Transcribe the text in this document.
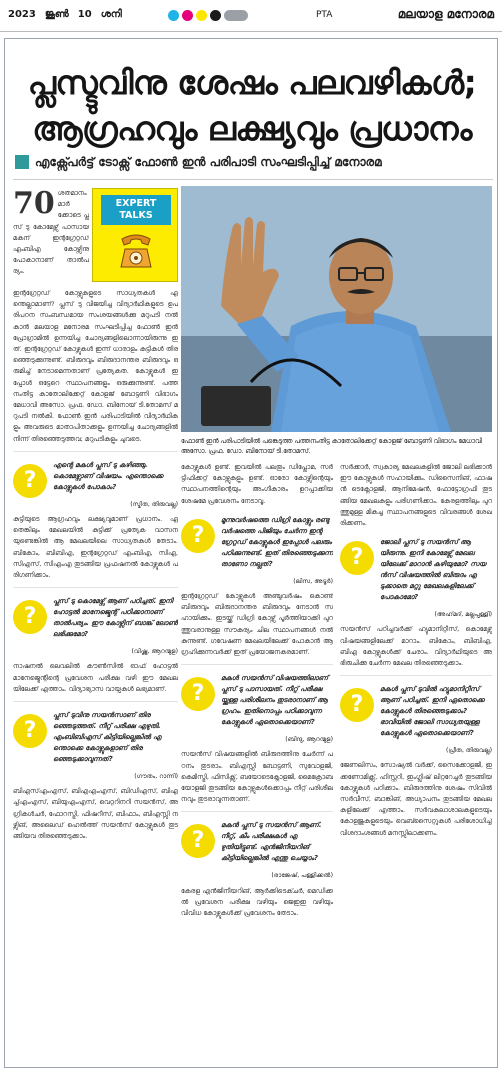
2023 ജൂൺ 10 ശനി	PTA	മലയാള മനോരമ
പ്ലസ്ടുവിനു ശേഷം പലവഴികൾ;
ആഗ്രഹവും ലക്ഷ്യവും പ്രധാനം
എക്സ്പേർട്ട് ടോക്സ് ഫോൺ ഇൻ പരിപാടി സംഘടിപ്പിച്ച് മനോരമ
EXPERT
TALKS
70 ശതമാനം മാർക്കോടെ പ്ലസ് ടു കോമേഴ്സ് പാസായ മകന് ഇന്റഗ്രേറ്റഡ് എംബിഎ കോഴ്സിനു പോകാനാണ് താൽപര്യം.

ഇന്റഗ്രേറ്റഡ് കോഴ്സുകളുടെ സാധ്യതകൾ എന്തെല്ലാമാണ്? പ്ലസ് ടു വിജയിച്ച വിദ്യാർഥികളുടെ ഉപരിപഠന സംബന്ധമായ സംശയങ്ങൾക്കു മറുപടി നൽകാൻ മലയാള മനോരമ സംഘടിപ്പിച്ച ഫോൺ ഇൻ പ്രോഗ്രാമിൽ ഉന്നയിച്ച ചോദ്യങ്ങളിലൊന്നായിരുന്നു ഇത്. ഇന്റഗ്രേറ്റഡ് കോഴ്സുകൾ ഇന്ന് ധാരാളം കുട്ടികൾ തിരഞ്ഞെടുക്കുന്നുണ്ട്. ബിരുദവും ബിരുദാനന്തര ബിരുദവും ഒരുമിച്ച് നേടാമെന്നതാണ് പ്രത്യേകത. കോഴ്സുകൾ ഇപ്പോൾ ഒട്ടേറെ സ്ഥാപനങ്ങളും ഒരുക്കുന്നുണ്ട്. പത്തനംതിട്ട കാതോലിക്കേറ്റ് കോളജ് ബോട്ടണി വിഭാഗം മേധാവി അസോ. പ്രഫ. ഡോ. ബിനോയ് ടി.തോമസ് മറുപടി നൽകി. ഫോൺ ഇൻ പരിപാടിയിൽ വിദ്യാർഥികളും അവരുടെ മാതാപിതാക്കളും ഉന്നയിച്ച ചോദ്യങ്ങളിൽ നിന്ന് തിരഞ്ഞെടുത്തവ; മറുപടികളും ചുവടെ.

?
എന്റെ മകൾ പ്ലസ് ടു കഴിഞ്ഞു. കൊമേഴ്സാണ് വിഷയം. എന്തൊക്കെ കോഴ്സുകൾ പോകാം?
(സ്മിത, തിരുവല്ല)

കുട്ടിയുടെ ആഗ്രഹവും ലക്ഷ്യവുമാണ് പ്രധാനം. ഏതെങ്കിലും മേഖലയിൽ കുട്ടിക്ക് പ്രത്യേക വാസനയുണ്ടെങ്കിൽ ആ മേഖലയിലെ സാധ്യതകൾ തേടാം. ബികോം, ബിബിഎ, ഇന്റഗ്രേറ്റഡ് എംബിഎ, സിഎ, സിഎസ്, സിഎംഎ തുടങ്ങിയ പ്രഫഷനൽ കോഴ്സുകൾ പരിഗണിക്കാം.

?
പ്ലസ് ടു കൊമേഴ്സ് ആണ് പഠിച്ചത്. ഇനി ഹോട്ടൽ മാനേജ്മെന്റ് പഠിക്കാനാണ് താൽപര്യം. ഈ കോഴ്സിന് ബാങ്ക് ലോൺ ലഭിക്കുമോ?
(വിഷ്ണു, ആറന്മുള)

നാഷനൽ ലെവലിൽ കൗൺസിൽ ഓഫ് ഹോട്ടൽ മാനേജ്മെന്റിന്റെ പ്രവേശന പരീക്ഷ വഴി ഈ മേഖലയിലേക്ക് എത്താം. വിദ്യാഭ്യാസ വായ്പകൾ ലഭ്യമാണ്.

?
പ്ലസ് ടുവിനു സയൻസാണ് തിരഞ്ഞെടുത്തത്. നീറ്റ് പരീക്ഷ എഴുതി. എംബിബിഎസ് കിട്ടിയില്ലെങ്കിൽ എന്തൊക്കെ കോഴ്സുകളാണ് തിരഞ്ഞെടുക്കാവുന്നത്?
(ഗൗതം, റാന്നി)

ബിഎസ്എംഎസ്, ബിഎഎംഎസ്, ബിഡിഎസ്, ബിഎച്ച്എംഎസ്, ബിയുഎംഎസ്, വെറ്ററിനറി സയൻസ്, അഗ്രികൾചർ, ഫോറസ്ട്രി, ഫിഷറീസ്, ബിഫാം, ബിഎസ്സി നഴ്സിങ്, അലൈഡ് ഹെൽത്ത് സയൻസ് കോഴ്സുകൾ തുടങ്ങിയവ തിരഞ്ഞെടുക്കാം.

ഫോൺ ഇൻ പരിപാടിയിൽ പങ്കെടുത്ത പത്തനംതിട്ട കാതോലിക്കേറ്റ് കോളജ് ബോട്ടണി വിഭാഗം മേധാവി അസോ. പ്രഫ. ഡോ. ബിനോയ് ടി.തോമസ്.

കോഴ്സുകൾ ഉണ്ട്. ഇവയിൽ പലതും ഡിപ്ലോമ, സർട്ടിഫിക്കറ്റ് കോഴ്സുകളും ഉണ്ട്. ഓരോ കോഴ്സിന്റെയും സ്ഥാപനത്തിന്റെയും അംഗീകാരം ഉറപ്പാക്കിയ ശേഷമേ പ്രവേശനം നേടാവൂ.

?
മൂന്നുവർഷത്തെ ഡിഗ്രി കോഴ്സും രണ്ടു വർഷത്തെ പിജിയും ചേർന്ന ഇന്റഗ്രേറ്റഡ് കോഴ്സുകൾ ഇപ്പോൾ പലരും പഠിക്കുന്നുണ്ട്. ഇത് തിരഞ്ഞെടുക്കുന്നതാണോ നല്ലത്?
(ലിസ, അടൂർ)

ഇന്റഗ്രേറ്റഡ് കോഴ്സുകൾ അഞ്ചുവർഷം കൊണ്ട് ബിരുദവും ബിരുദാനന്തര ബിരുദവും നേടാൻ സഹായിക്കും. ഇടയ്ക്ക് ഡിഗ്രി കോഴ്സ് പൂർത്തിയാക്കി പുറത്തുവരാനുള്ള സൗകര്യം ചില സ്ഥാപനങ്ങൾ നൽകുന്നുണ്ട്. ഗവേഷണ മേഖലയിലേക്ക് പോകാൻ ആഗ്രഹിക്കുന്നവർക്ക് ഇത് പ്രയോജനകരമാണ്.

?
മകൾ സയൻസ് വിഷയത്തിലാണ് പ്ലസ് ടു പാസായത്. നീറ്റ് പരീക്ഷയ്ക്കുള്ള പരിശീലനം തുടരാനാണ് ആഗ്രഹം. ഇതിനൊപ്പം പഠിക്കാവുന്ന കോഴ്സുകൾ ഏതൊക്കെയാണ്?
(ബിന്ദു, ആറന്മുള)

സയൻസ് വിഷയങ്ങളിൽ ബിരുദത്തിനു ചേർന്ന് പഠനം തുടരാം. ബിഎസ്സി ബോട്ടണി, സുവോളജി, കെമിസ്ട്രി, ഫിസിക്സ്, ബയോടെക്നോളജി, മൈക്രോബയോളജി തുടങ്ങിയ കോഴ്സുകൾക്കൊപ്പം നീറ്റ് പരിശീലനവും തുടരാവുന്നതാണ്.

?
മകൻ പ്ലസ് ടു സയൻസ് ആണ്. നീറ്റ്, കീം പരീക്ഷകൾ എഴുതിയിട്ടുണ്ട്. എൻജിനീയറിങ് കിട്ടിയില്ലെങ്കിൽ എന്തു ചെയ്യാം?
(രാജേഷ്, പള്ളിക്കൽ)

കേരള എൻജിനീയറിങ്, ആർക്കിടെക്ചർ, മെഡിക്കൽ പ്രവേശന പരീക്ഷ വഴിയും ജെഇഇ വഴിയും വിവിധ കോഴ്സുകൾക്ക് പ്രവേശനം തേടാം.

സർക്കാർ, സ്വകാര്യ മേഖലകളിൽ ജോലി ലഭിക്കാൻ ഈ കോഴ്സുകൾ സഹായിക്കും. ഡിസൈനിങ്, ഫാഷൻ ടെക്നോളജി, ആനിമേഷൻ, ഫോട്ടോഗ്രഫി തുടങ്ങിയ മേഖലകളും പരിഗണിക്കാം. കേരളത്തിലും പുറത്തുമുള്ള മികച്ച സ്ഥാപനങ്ങളുടെ വിവരങ്ങൾ ശേഖരിക്കണം.

?
ജോലി പ്ലസ് ടു സയൻസ് ആയിരുന്നു. ഇനി കോമേഴ്സ് മേഖലയിലേക്ക് മാറാൻ കഴിയുമോ? സയൻസ് വിഷയത്തിൽ ബിരുദം എടുക്കാതെ മറ്റു മേഖലകളിലേക്ക് പോകാമോ?
(അഹ്‌മദ്, മല്ലപ്പള്ളി)

സയൻസ് പഠിച്ചവർക്ക് ഹ്യുമാനിറ്റീസ്, കൊമേഴ്സ് വിഷയങ്ങളിലേക്ക് മാറാം. ബികോം, ബിബിഎ, ബിഎ കോഴ്സുകൾക്ക് ചേരാം. വിദ്യാർഥിയുടെ അഭിരുചിക്കു ചേർന്ന മേഖല തിരഞ്ഞെടുക്കാം.

?
മകൾ പ്ലസ് ടുവിൽ ഹ്യുമാനിറ്റീസ് ആണ് പഠിച്ചത്. ഇനി ഏതൊക്കെ കോഴ്സുകൾ തിരഞ്ഞെടുക്കാം? ഭാവിയിൽ ജോലി സാധ്യതയുള്ള കോഴ്സുകൾ ഏതൊക്കെയാണ്?
(പ്രീത, തിരുവല്ല)

ജേണലിസം, സോഷ്യൽ വർക്ക്, സൈക്കോളജി, ഇക്കണോമിക്സ്, ഹിസ്റ്ററി, ഇംഗ്ലിഷ് ലിറ്ററേച്ചർ തുടങ്ങിയ കോഴ്സുകൾ പഠിക്കാം. ബിരുദത്തിനു ശേഷം സിവിൽ സർവീസ്, ബാങ്കിങ്, അധ്യാപനം തുടങ്ങിയ മേഖലകളിലേക്ക് എത്താം. സർവകലാശാലകളുടെയും കോളജുകളുടെയും വെബ്സൈറ്റുകൾ പരിശോധിച്ച് വിശദാംശങ്ങൾ മനസ്സിലാക്കണം.
